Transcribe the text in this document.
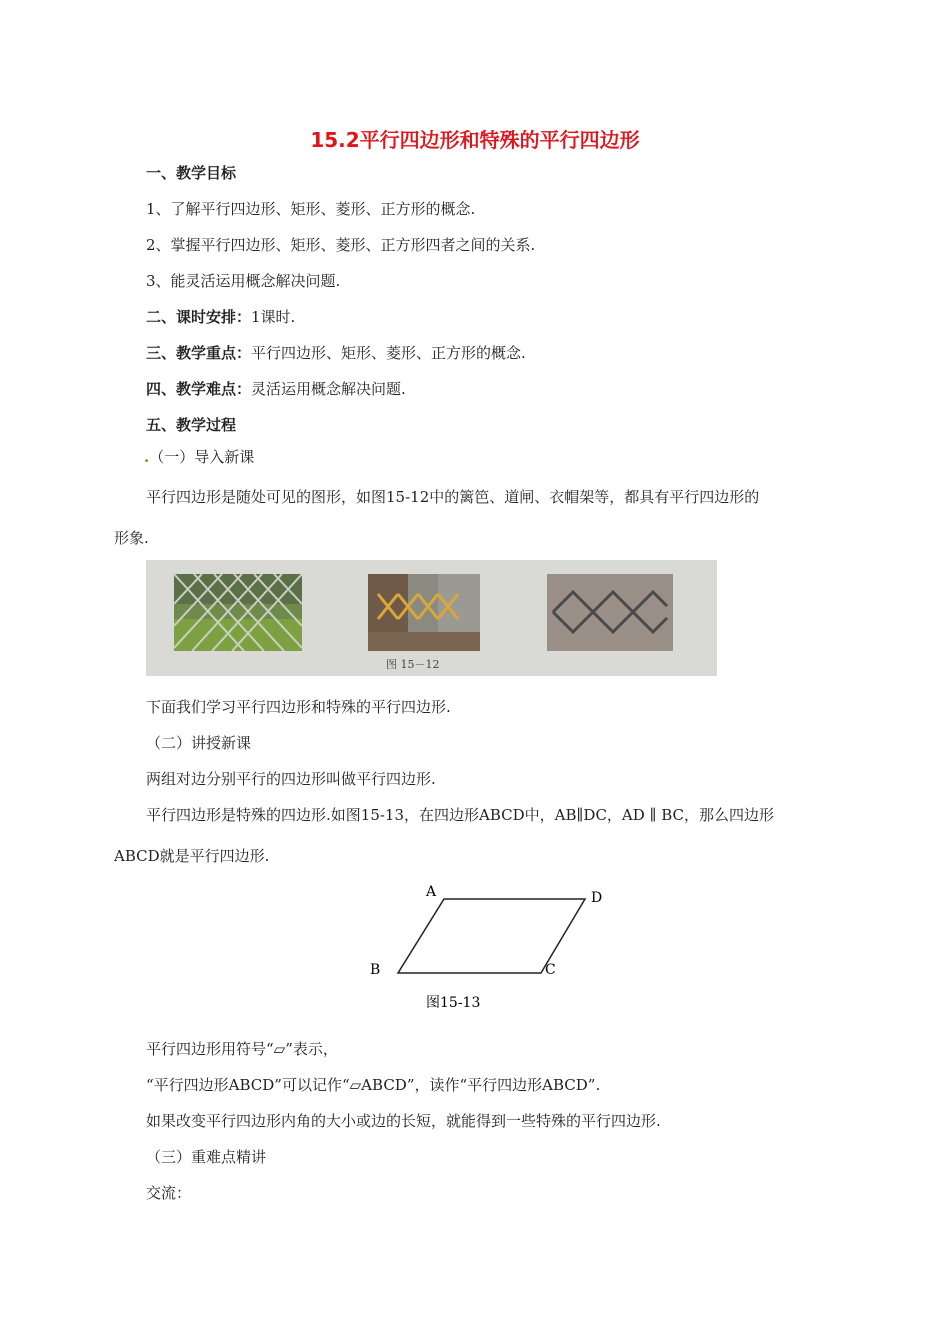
15.2平行四边形和特殊的平行四边形
一、教学目标
1、了解平行四边形、矩形、菱形、正方形的概念.
2、掌握平行四边形、矩形、菱形、正方形四者之间的关系.
3、能灵活运用概念解决问题.
二、课时安排：1课时.
三、教学重点：平行四边形、矩形、菱形、正方形的概念.
四、教学难点：灵活运用概念解决问题.
五、教学过程
.（一）导入新课
平行四边形是随处可见的图形，如图15-12中的篱笆、道闸、衣帽架等，都具有平行四边形的
形象.
图 15－12
下面我们学习平行四边形和特殊的平行四边形.
（二）讲授新课
两组对边分别平行的四边形叫做平行四边形.
平行四边形是特殊的四边形.如图15-13，在四边形ABCD中，AB∥DC，AD ∥ BC，那么四边形
ABCD就是平行四边形.
A	D
B	C
图15-13
平行四边形用符号“▱”表示，
“平行四边形ABCD”可以记作“▱ABCD”，读作“平行四边形ABCD”.
如果改变平行四边形内角的大小或边的长短，就能得到一些特殊的平行四边形.
（三）重难点精讲
交流：
